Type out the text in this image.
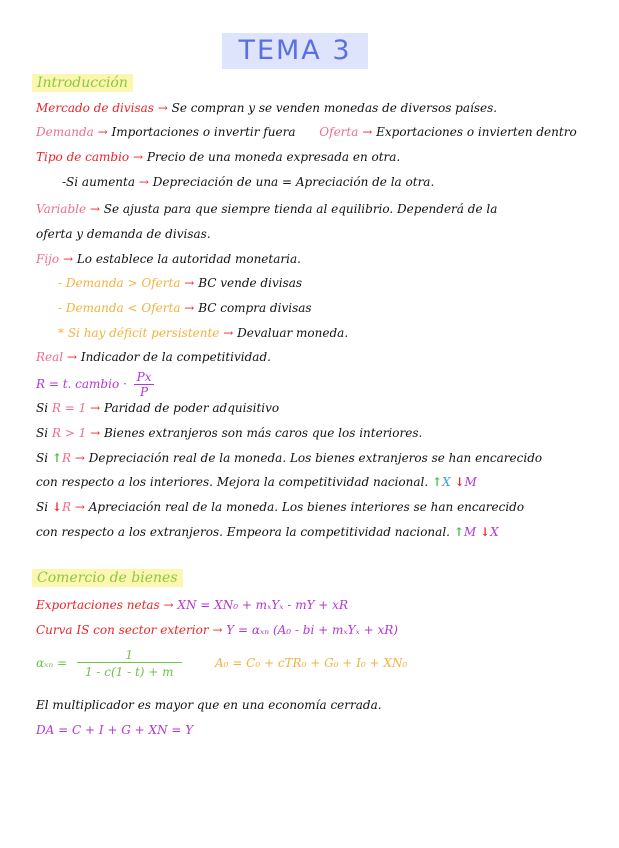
TEMA 3
Introducción
Mercado de divisas → Se compran y se venden monedas de diversos países.
Demanda → Importaciones o invertir fuera Oferta → Exportaciones o invierten dentro
Tipo de cambio → Precio de una moneda expresada en otra.
-Si aumenta → Depreciación de una = Apreciación de la otra.
Variable → Se ajusta para que siempre tienda al equilibrio. Dependerá de la
oferta y demanda de divisas.
Fijo → Lo establece la autoridad monetaria.
- Demanda > Oferta → BC vende divisas
- Demanda < Oferta → BC compra divisas
* Si hay déficit persistente → Devaluar moneda.
Real → Indicador de la competitividad.
R = t. cambio · $\frac{Px}{P}$
Si R = 1 → Paridad de poder adquisitivo
Si R > 1 → Bienes extranjeros son más caros que los interiores.
Si ↑R → Depreciación real de la moneda. Los bienes extranjeros se han encarecido
con respecto a los interiores. Mejora la competitividad nacional. ↑X ↓M
Si ↓R → Apreciación real de la moneda. Los bienes interiores se han encarecido
con respecto a los extranjeros. Empeora la competitividad nacional. ↑M ↓X
Comercio de bienes
Exportaciones netas → XN = XN₀ + mₓYₓ - mY + xR
Curva IS con sector exterior → Y = αₓₙ (A₀ - bi + mₓYₓ + xR)
$\alpha_{xn} = \frac{1}{1 - c(1 - t) + m}$	A₀ = C₀ + cTR₀ + G₀ + I₀ + XN₀
El multiplicador es mayor que en una economía cerrada.
DA = C + I + G + XN = Y
